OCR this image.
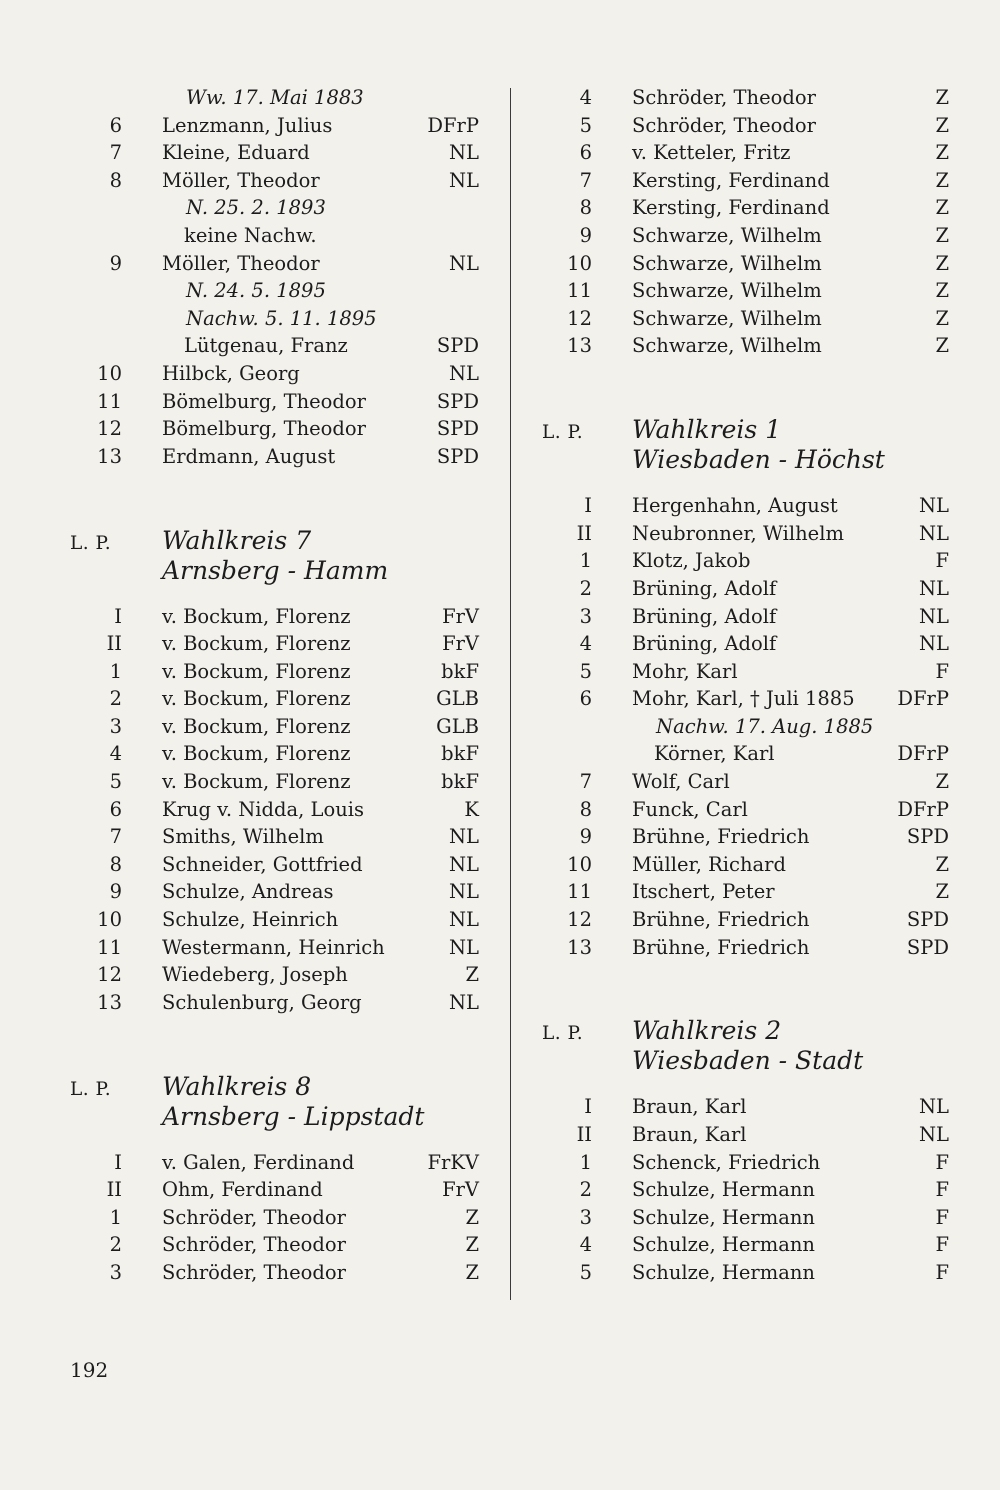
Ww. 17. Mai 1883
6 Lenzmann, Julius	DFrP
7 Kleine, Eduard	NL
8 Möller, Theodor	NL
N. 25. 2. 1893
keine Nachw.
9 Möller, Theodor	NL
N. 24. 5. 1895
Nachw. 5. 11. 1895
Lütgenau, Franz	SPD
10 Hilbck, Georg	NL
11 Bömelburg, Theodor	SPD
12 Bömelburg, Theodor	SPD
13 Erdmann, August	SPD
L. P. Wahlkreis 7
Arnsberg - Hamm
I v. Bockum, Florenz	FrV
II v. Bockum, Florenz	FrV
1 v. Bockum, Florenz	bkF
2 v. Bockum, Florenz	GLB
3 v. Bockum, Florenz	GLB
4 v. Bockum, Florenz	bkF
5 v. Bockum, Florenz	bkF
6 Krug v. Nidda, Louis	K
7 Smiths, Wilhelm	NL
8 Schneider, Gottfried	NL
9 Schulze, Andreas	NL
10 Schulze, Heinrich	NL
11 Westermann, Heinrich	NL
12 Wiedeberg, Joseph	Z
13 Schulenburg, Georg	NL
L. P. Wahlkreis 8
Arnsberg - Lippstadt
I v. Galen, Ferdinand	FrKV
II Ohm, Ferdinand	FrV
1 Schröder, Theodor	Z
2 Schröder, Theodor	Z
3 Schröder, Theodor	Z
4 Schröder, Theodor	Z
5 Schröder, Theodor	Z
6 v. Ketteler, Fritz	Z
7 Kersting, Ferdinand	Z
8 Kersting, Ferdinand	Z
9 Schwarze, Wilhelm	Z
10 Schwarze, Wilhelm	Z
11 Schwarze, Wilhelm	Z
12 Schwarze, Wilhelm	Z
13 Schwarze, Wilhelm	Z
L. P. Wahlkreis 1
Wiesbaden - Höchst
I Hergenhahn, August	NL
II Neubronner, Wilhelm	NL
1 Klotz, Jakob	F
2 Brüning, Adolf	NL
3 Brüning, Adolf	NL
4 Brüning, Adolf	NL
5 Mohr, Karl	F
6 Mohr, Karl, † Juli 1885 DFrP
Nachw. 17. Aug. 1885
Körner, Karl	DFrP
7 Wolf, Carl	Z
8 Funck, Carl	DFrP
9 Brühne, Friedrich	SPD
10 Müller, Richard	Z
11 Itschert, Peter	Z
12 Brühne, Friedrich	SPD
13 Brühne, Friedrich	SPD
L. P. Wahlkreis 2
Wiesbaden - Stadt
I Braun, Karl	NL
II Braun, Karl	NL
1 Schenck, Friedrich	F
2 Schulze, Hermann	F
3 Schulze, Hermann	F
4 Schulze, Hermann	F
5 Schulze, Hermann	F
192
